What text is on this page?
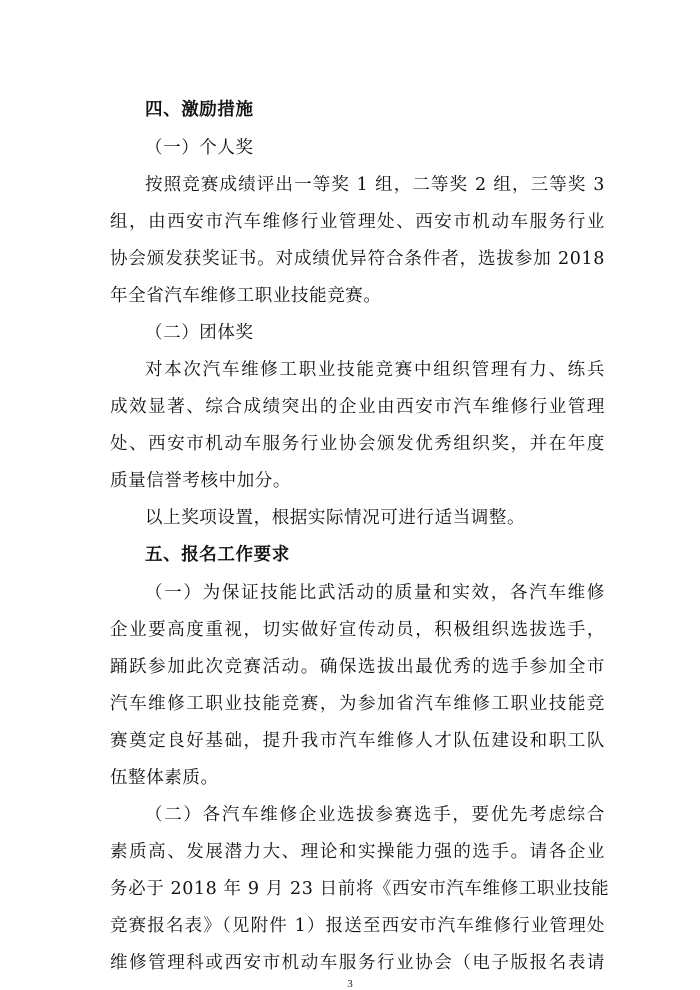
四、激励措施
（一）个人奖
按照竞赛成绩评出一等奖 1 组，二等奖 2 组，三等奖 3
组，由西安市汽车维修行业管理处、西安市机动车服务行业
协会颁发获奖证书。对成绩优异符合条件者，选拔参加 2018
年全省汽车维修工职业技能竞赛。
（二）团体奖
对本次汽车维修工职业技能竞赛中组织管理有力、练兵
成效显著、综合成绩突出的企业由西安市汽车维修行业管理
处、西安市机动车服务行业协会颁发优秀组织奖，并在年度
质量信誉考核中加分。
以上奖项设置，根据实际情况可进行适当调整。
五、报名工作要求
（一）为保证技能比武活动的质量和实效，各汽车维修
企业要高度重视，切实做好宣传动员，积极组织选拔选手，
踊跃参加此次竞赛活动。确保选拔出最优秀的选手参加全市
汽车维修工职业技能竞赛，为参加省汽车维修工职业技能竞
赛奠定良好基础，提升我市汽车维修人才队伍建设和职工队
伍整体素质。
（二）各汽车维修企业选拔参赛选手，要优先考虑综合
素质高、发展潜力大、理论和实操能力强的选手。请各企业
务必于 2018 年 9 月 23 日前将《西安市汽车维修工职业技能
竞赛报名表》（见附件 1）报送至西安市汽车维修行业管理处
维修管理科或西安市机动车服务行业协会（电子版报名表请
3
